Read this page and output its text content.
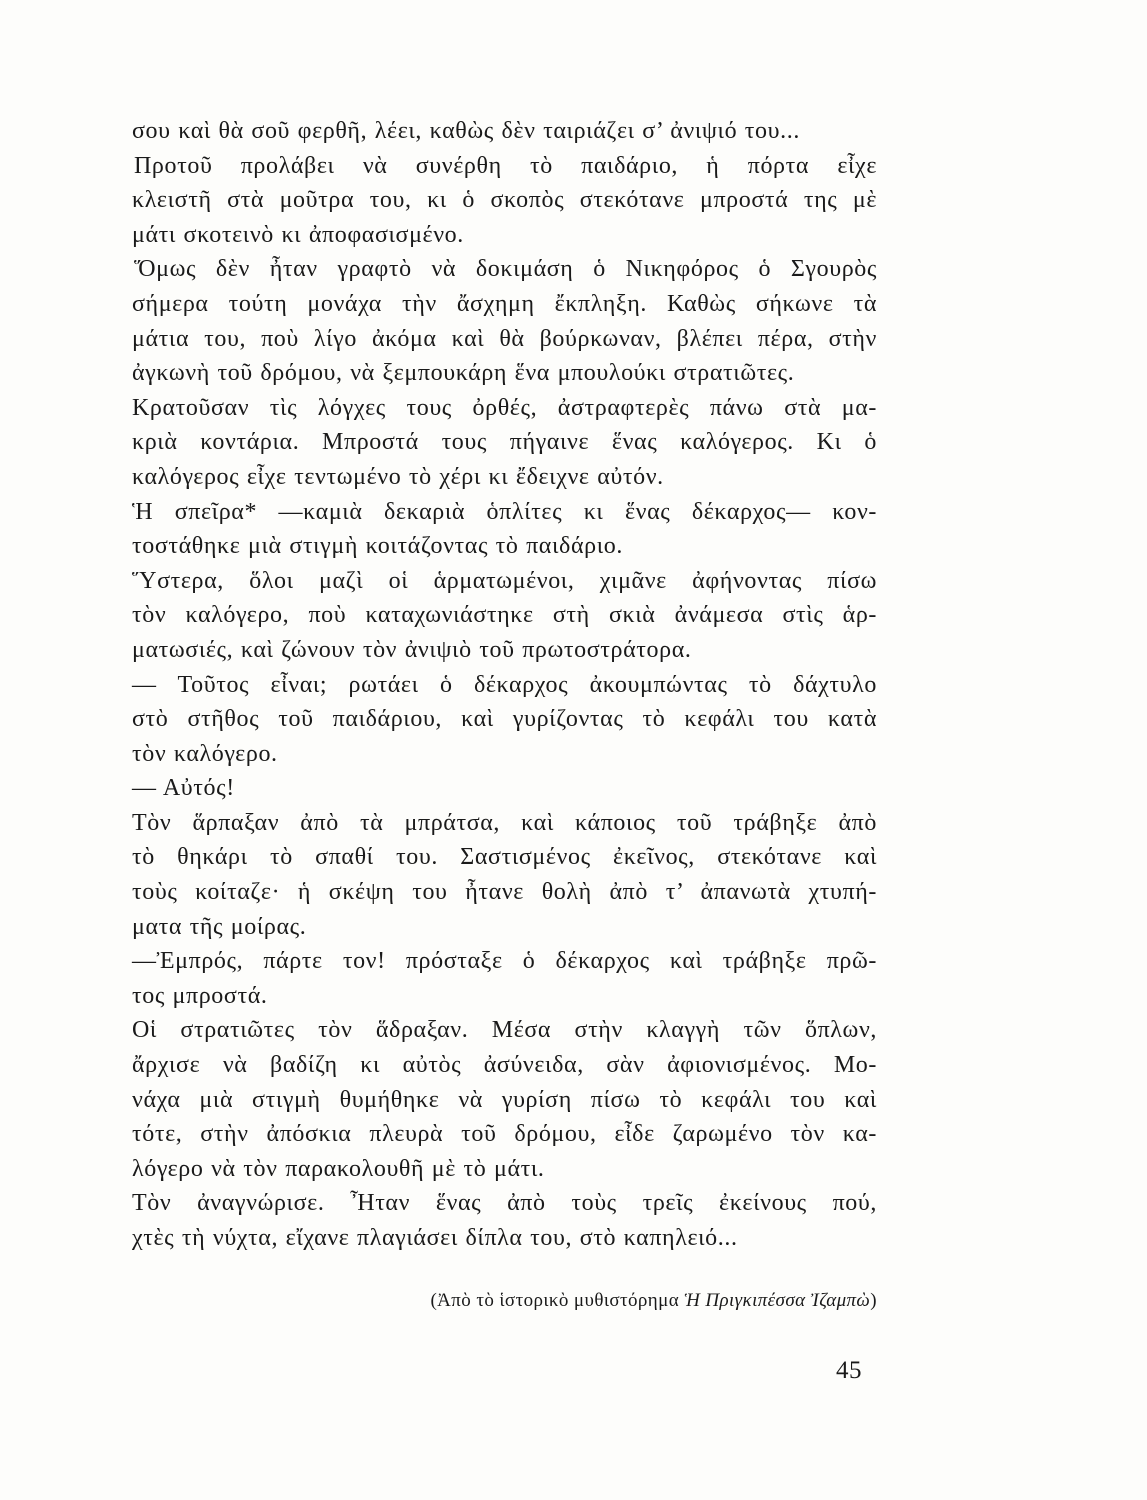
σου καὶ θὰ σοῦ φερθῆ, λέει, καθὼς δὲν ταιριάζει σ’ ἀνιψιό του...
Προτοῦ προλάβει νὰ συνέρθη τὸ παιδάριο, ἡ πόρτα εἶχε
κλειστῆ στὰ μοῦτρα του, κι ὁ σκοπὸς στεκότανε μπροστά της μὲ
μάτι σκοτεινὸ κι ἀποφασισμένο.
Ὅμως δὲν ἦταν γραφτὸ νὰ δοκιμάση ὁ Νικηφόρος ὁ Σγουρὸς
σήμερα τούτη μονάχα τὴν ἄσχημη ἔκπληξη. Καθὼς σήκωνε τὰ
μάτια του, ποὺ λίγο ἀκόμα καὶ θὰ βούρκωναν, βλέπει πέρα, στὴν
ἀγκωνὴ τοῦ δρόμου, νὰ ξεμπουκάρη ἕνα μπουλούκι στρατιῶτες.
Κρατοῦσαν τὶς λόγχες τους ὀρθές, ἀστραφτερὲς πάνω στὰ μα-
κριὰ κοντάρια. Μπροστά τους πήγαινε ἕνας καλόγερος. Κι ὁ
καλόγερος εἶχε τεντωμένο τὸ χέρι κι ἔδειχνε αὐτόν.
Ἡ σπεῖρα* —καμιὰ δεκαριὰ ὁπλίτες κι ἕνας δέκαρχος— κον-
τοστάθηκε μιὰ στιγμὴ κοιτάζοντας τὸ παιδάριο.
Ὕστερα, ὅλοι μαζὶ οἱ ἁρματωμένοι, χιμᾶνε ἀφήνοντας πίσω
τὸν καλόγερο, ποὺ καταχωνιάστηκε στὴ σκιὰ ἀνάμεσα στὶς ἁρ-
ματωσιές, καὶ ζώνουν τὸν ἀνιψιὸ τοῦ πρωτοστράτορα.
— Τοῦτος εἶναι; ρωτάει ὁ δέκαρχος ἀκουμπώντας τὸ δάχτυλο
στὸ στῆθος τοῦ παιδάριου, καὶ γυρίζοντας τὸ κεφάλι του κατὰ
τὸν καλόγερο.
— Αὐτός!
Τὸν ἅρπαξαν ἀπὸ τὰ μπράτσα, καὶ κάποιος τοῦ τράβηξε ἀπὸ
τὸ θηκάρι τὸ σπαθί του. Σαστισμένος ἐκεῖνος, στεκότανε καὶ
τοὺς κοίταζε· ἡ σκέψη του ἦτανε θολὴ ἀπὸ τ’ ἀπανωτὰ χτυπή-
ματα τῆς μοίρας.
—Ἐμπρός, πάρτε τον! πρόσταξε ὁ δέκαρχος καὶ τράβηξε πρῶ-
τος μπροστά.
Οἱ στρατιῶτες τὸν ἅδραξαν. Μέσα στὴν κλαγγὴ τῶν ὅπλων,
ἄρχισε νὰ βαδίζη κι αὐτὸς ἀσύνειδα, σὰν ἀφιονισμένος. Μο-
νάχα μιὰ στιγμὴ θυμήθηκε νὰ γυρίση πίσω τὸ κεφάλι του καὶ
τότε, στὴν ἀπόσκια πλευρὰ τοῦ δρόμου, εἶδε ζαρωμένο τὸν κα-
λόγερο νὰ τὸν παρακολουθῆ μὲ τὸ μάτι.
Τὸν ἀναγνώρισε. Ἦταν ἕνας ἀπὸ τοὺς τρεῖς ἐκείνους πού,
χτὲς τὴ νύχτα, εἴχανε πλαγιάσει δίπλα του, στὸ καπηλειό...
(Ἀπὸ τὸ ἱστορικὸ μυθιστόρημα Ἡ Πριγκιπέσσα Ἰζαμπὼ)
45
